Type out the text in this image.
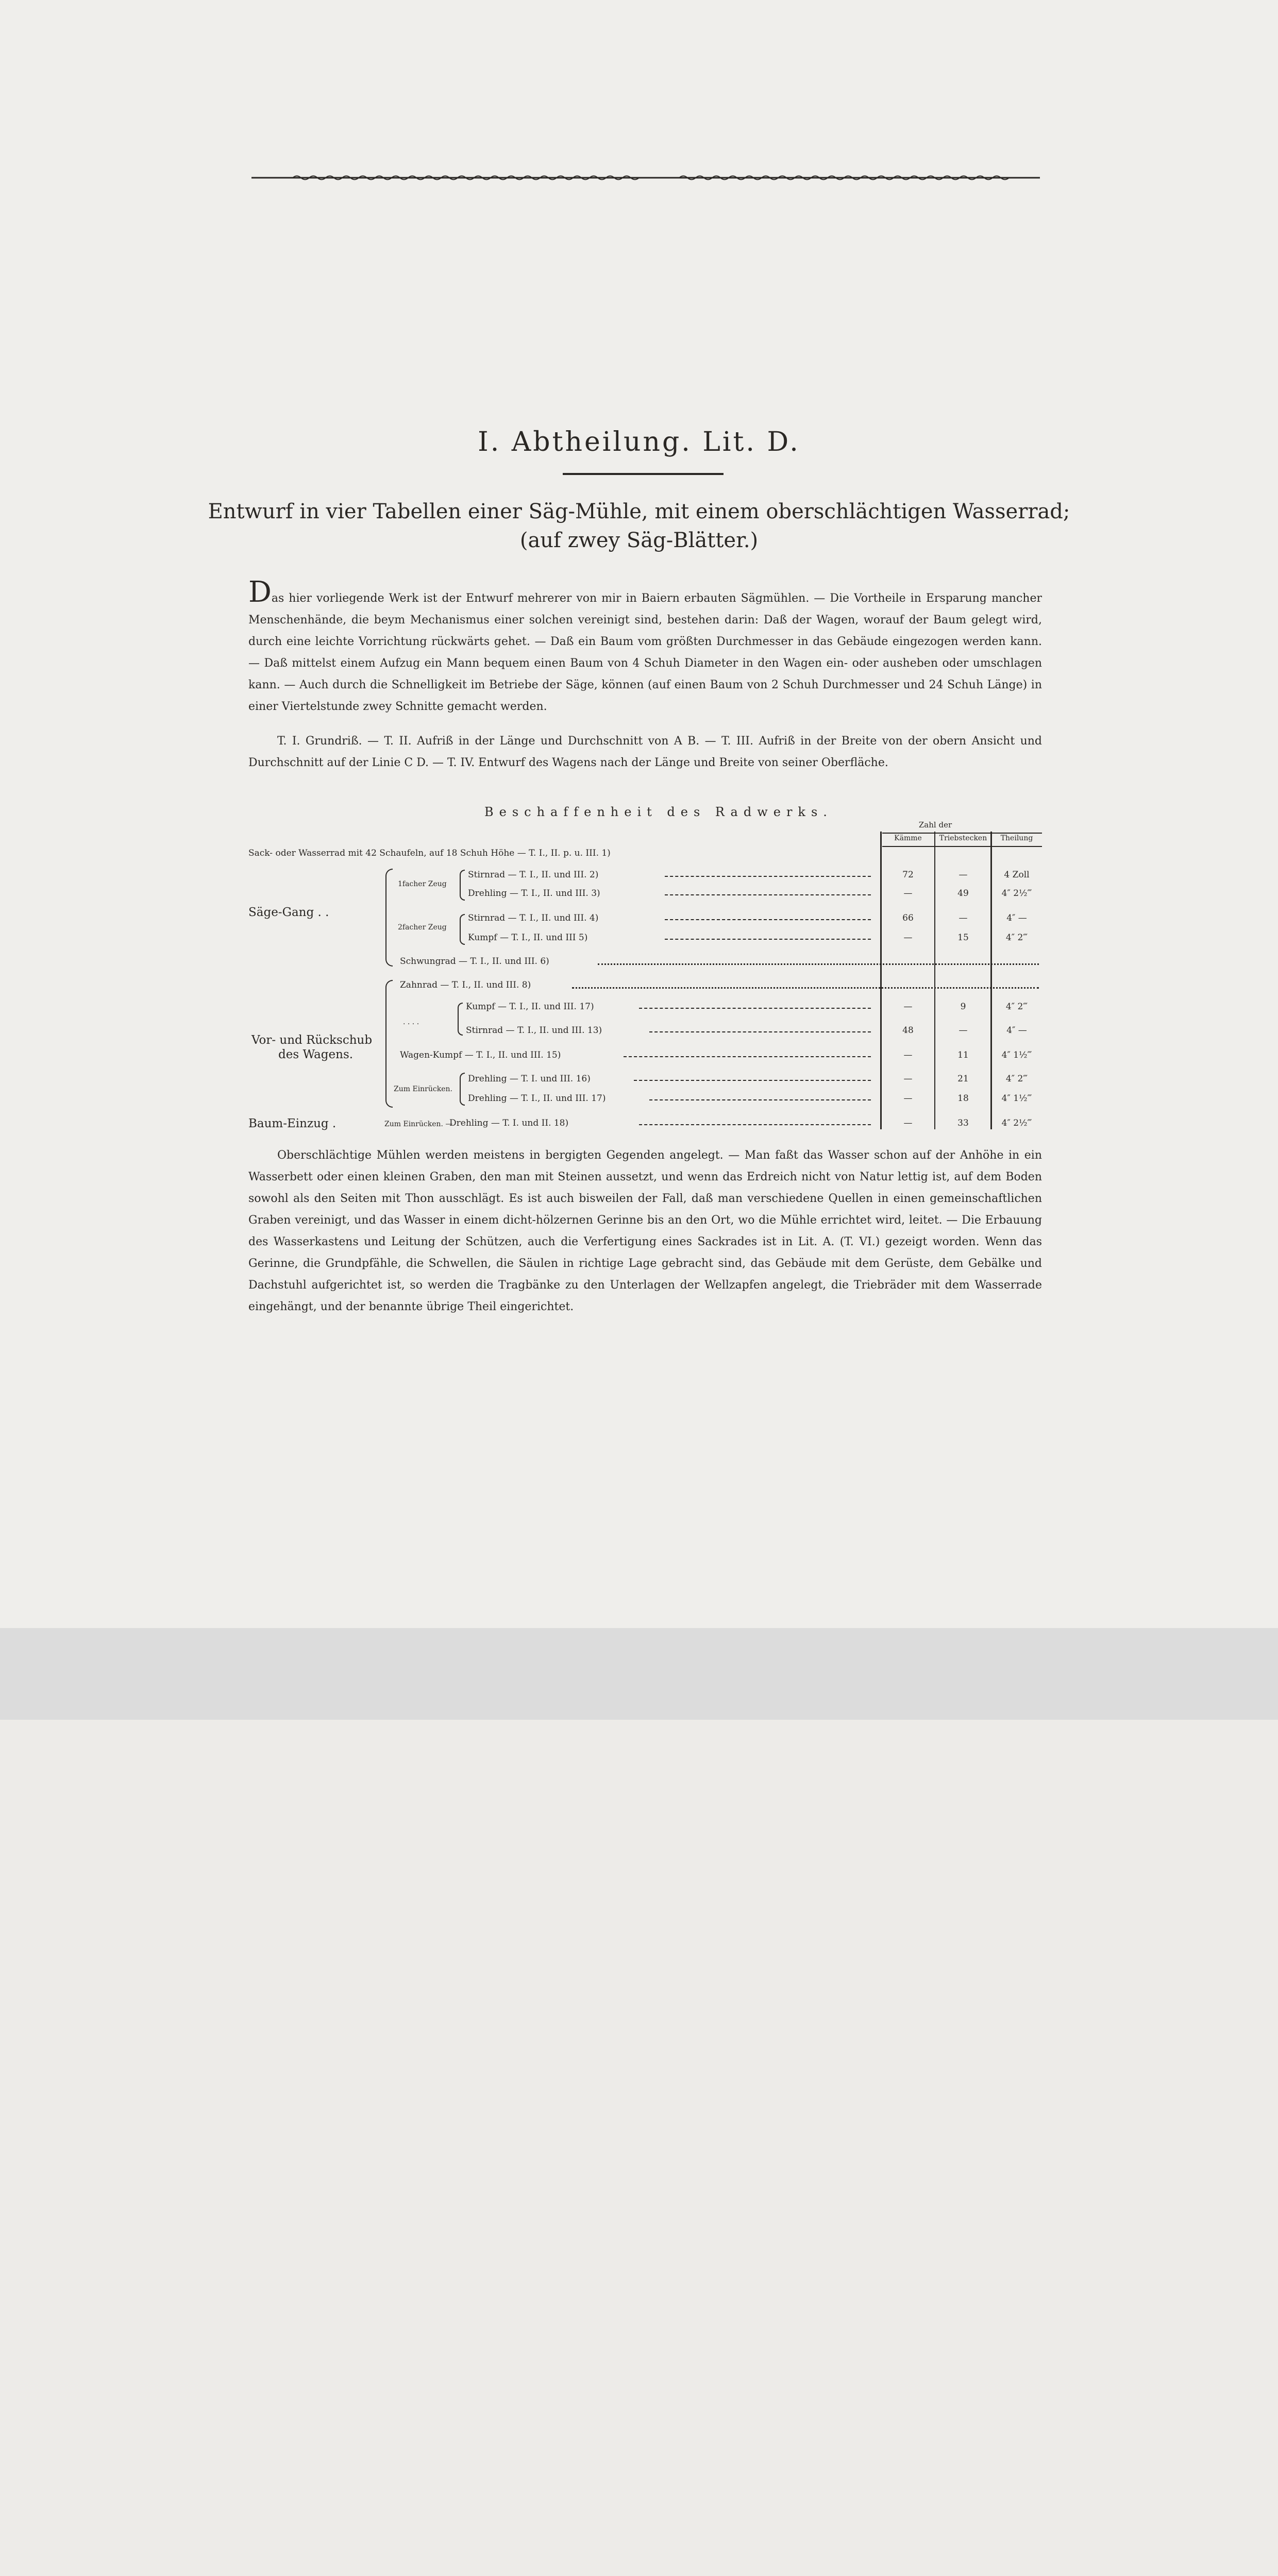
I. Abtheilung. Lit. D.
Entwurf in vier Tabellen einer Säg-Mühle, mit einem oberschlächtigen Wasserrad;
(auf zwey Säg-Blätter.)
Das hier vorliegende Werk ist der Entwurf mehrerer von mir in Baiern erbauten Sägmühlen. — Die Vortheile in Ersparung mancher Menschenhände, die beym Mechanismus einer solchen vereinigt sind, bestehen darin: Daß der Wagen, worauf der Baum gelegt wird, durch eine leichte Vorrichtung rückwärts gehet. — Daß ein Baum vom größten Durchmesser in das Gebäude eingezogen werden kann. — Daß mittelst einem Aufzug ein Mann bequem einen Baum von 4 Schuh Diameter in den Wagen ein- oder ausheben oder umschlagen kann. — Auch durch die Schnelligkeit im Betriebe der Säge, können (auf einen Baum von 2 Schuh Durchmesser und 24 Schuh Länge) in einer Viertelstunde zwey Schnitte gemacht werden.
T. I. Grundriß. — T. II. Aufriß in der Länge und Durchschnitt von A B. — T. III. Aufriß in der Breite von der obern Ansicht und Durchschnitt auf der Linie C D. — T. IV. Entwurf des Wagens nach der Länge und Breite von seiner Oberfläche.
Beschaffenheit des Radwerks.
Zahl der
Kämme	Triebstecken	Theilung
Sack- oder Wasserrad mit 42 Schaufeln, auf 18 Schuh Höhe — T. I., II. p. u. III. 1)
Säge-Gang . .
1facher Zeug
2facher Zeug
Stirnrad — T. I., II. und III. 2)	72	—	4 Zoll
Drehling — T. I., II. und III. 3)	—	49	4″ 2½‴
Stirnrad — T. I., II. und III. 4)	66	—	4″ —
Kumpf — T. I., II. und III 5)	—	15	4″ 2‴
Schwungrad — T. I., II. und III. 6)
Zahnrad — T. I., II. und III. 8)
. . . .
Vor- und Rückschub
des Wagens.
Kumpf — T. I., II. und III. 17)	—	9	4″ 2‴
Stirnrad — T. I., II. und III. 13)	48	—	4″ —
Wagen-Kumpf — T. I., II. und III. 15)	—	11	4″ 1½‴
Zum Einrücken.
Drehling — T. I. und III. 16)	—	21	4″ 2‴
Drehling — T. I., II. und III. 17)	—	18	4″ 1½‴
Baum-Einzug .	Zum Einrücken. —
Drehling — T. I. und II. 18)	—	33	4″ 2½‴
Oberschlächtige Mühlen werden meistens in bergigten Gegenden angelegt. — Man faßt das Wasser schon auf der Anhöhe in ein Wasserbett oder einen kleinen Graben, den man mit Steinen aussetzt, und wenn das Erdreich nicht von Natur lettig ist, auf dem Boden sowohl als den Seiten mit Thon ausschlägt. Es ist auch bisweilen der Fall, daß man verschiedene Quellen in einen gemeinschaftlichen Graben vereinigt, und das Wasser in einem dicht-hölzernen Gerinne bis an den Ort, wo die Mühle errichtet wird, leitet. — Die Erbauung des Wasserkastens und Leitung der Schützen, auch die Verfertigung eines Sackrades ist in Lit. A. (T. VI.) gezeigt worden. Wenn das Gerinne, die Grundpfähle, die Schwellen, die Säulen in richtige Lage gebracht sind, das Gebäude mit dem Gerüste, dem Gebälke und Dachstuhl aufgerichtet ist, so werden die Tragbänke zu den Unterlagen der Wellzapfen angelegt, die Triebräder mit dem Wasserrade eingehängt, und der benannte übrige Theil eingerichtet.
